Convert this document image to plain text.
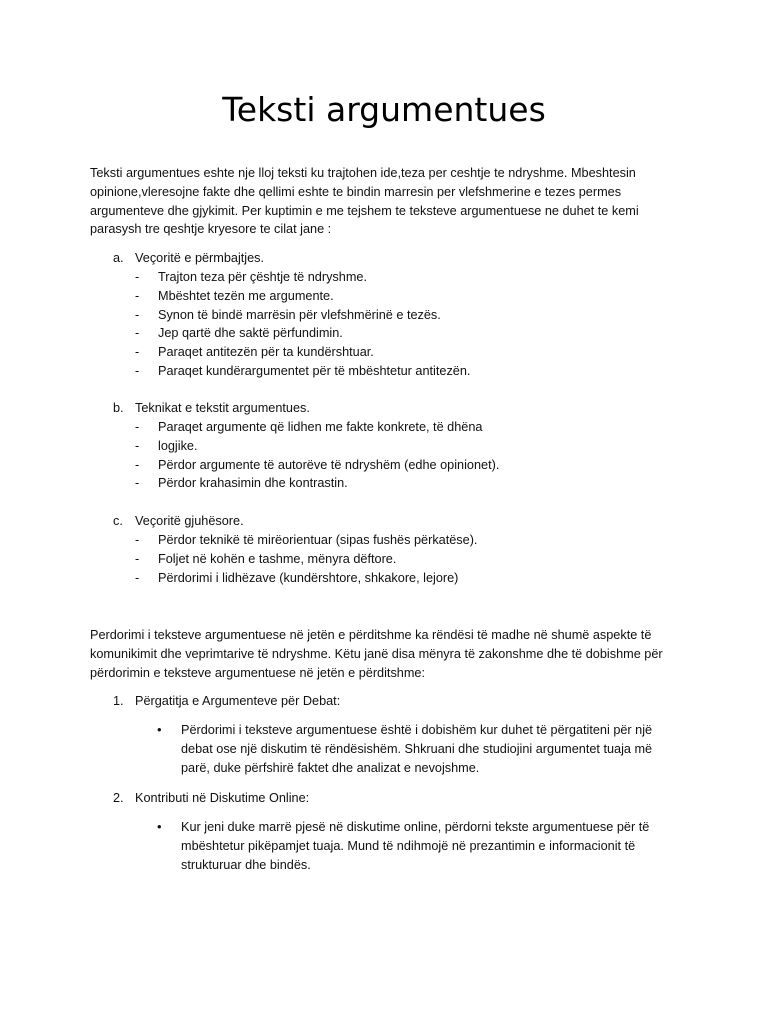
Teksti argumentues

Teksti argumentues eshte nje lloj teksti ku trajtohen ide,teza per ceshtje te ndryshme. Mbeshtesin opinione,vleresojne fakte dhe qellimi eshte te bindin marresin per vlefshmerine e tezes permes argumenteve dhe gjykimit. Per kuptimin e me tejshem te teksteve argumentuese ne duhet te kemi parasysh tre qeshtje kryesore te cilat jane :

a. Veçoritë e përmbajtjes.
- Trajton teza për çështje të ndryshme.
- Mbështet tezën me argumente.
- Synon të bindë marrësin për vlefshmërinë e tezës.
- Jep qartë dhe saktë përfundimin.
- Paraqet antitezën për ta kundërshtuar.
- Paraqet kundërargumentet për të mbështetur antitezën.
b. Teknikat e tekstit argumentues.
- Paraqet argumente që lidhen me fakte konkrete, të dhëna
- logjike.
- Përdor argumente të autorëve të ndryshëm (edhe opinionet).
- Përdor krahasimin dhe kontrastin.
c. Veçoritë gjuhësore.
- Përdor teknikë të mirëorientuar (sipas fushës përkatëse).
- Foljet në kohën e tashme, mënyra dëftore.
- Përdorimi i lidhëzave (kundërshtore, shkakore, lejore)

Perdorimi i teksteve argumentuese në jetën e përditshme ka rëndësi të madhe në shumë aspekte të komunikimit dhe veprimtarive të ndryshme. Këtu janë disa mënyra të zakonshme dhe të dobishme për përdorimin e teksteve argumentuese në jetën e përditshme:

1. Përgatitja e Argumenteve për Debat:
• Përdorimi i teksteve argumentuese është i dobishëm kur duhet të përgatiteni për një debat ose një diskutim të rëndësishëm. Shkruani dhe studiojini argumentet tuaja më parë, duke përfshirë faktet dhe analizat e nevojshme.
2. Kontributi në Diskutime Online:
• Kur jeni duke marrë pjesë në diskutime online, përdorni tekste argumentuese për të mbështetur pikëpamjet tuaja. Mund të ndihmojë në prezantimin e informacionit të strukturuar dhe bindës.
